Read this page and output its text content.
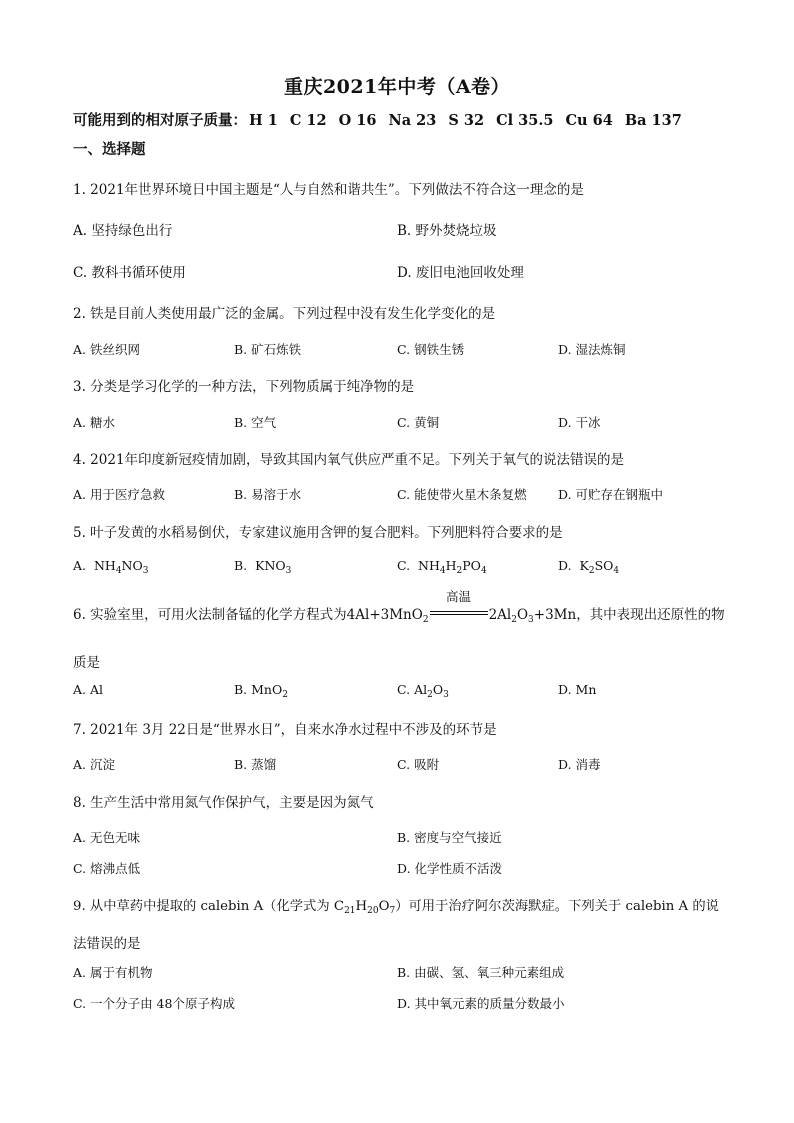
重庆2021年中考（A卷）
可能用到的相对原子质量： H 1 C 12 O 16 Na 23 S 32 Cl 35.5 Cu 64 Ba 137
一、选择题
1. 2021年世界环境日中国主题是“人与自然和谐共生”。下列做法不符合这一理念的是
A. 坚持绿色出行	B. 野外焚烧垃圾
C. 教科书循环使用	D. 废旧电池回收处理
2. 铁是目前人类使用最广泛的金属。下列过程中没有发生化学变化的是
A. 铁丝织网	B. 矿石炼铁	C. 钢铁生锈	D. 湿法炼铜
3. 分类是学习化学的一种方法，下列物质属于纯净物的是
A. 糖水	B. 空气	C. 黄铜	D. 干冰
4. 2021年印度新冠疫情加剧，导致其国内氧气供应严重不足。下列关于氧气的说法错误的是
A. 用于医疗急救	B. 易溶于水	C. 能使带火星木条复燃	D. 可贮存在钢瓶中
5. 叶子发黄的水稻易倒伏，专家建议施用含钾的复合肥料。下列肥料符合要求的是
A. $NH_4NO_3$	B. $KNO_3$	C. $NH_4H_2PO_4$	D. $K_2SO_4$
6. 实验室里，可用火法制备锰的化学方程式为4Al+3MnO$_2$
高温
$2Al_2O_3+3Mn$，其中表现出还原性的物
质是
A. Al	B. MnO$_2$	C. $Al_2O_3$	D. Mn
7. 2021年 3月 22日是“世界水日”，自来水净水过程中不涉及的环节是
A. 沉淀	B. 蒸馏	C. 吸附	D. 消毒
8. 生产生活中常用氮气作保护气，主要是因为氮气
A. 无色无味	B. 密度与空气接近
C. 熔沸点低	D. 化学性质不活泼
9. 从中草药中提取的 calebin A（化学式为 $C_{21}H_{20}O_7$）可用于治疗阿尔茨海默症。下列关于 calebin A 的说
法错误的是
A. 属于有机物	B. 由碳、氢、氧三种元素组成
C. 一个分子由 48个原子构成	D. 其中氧元素的质量分数最小
